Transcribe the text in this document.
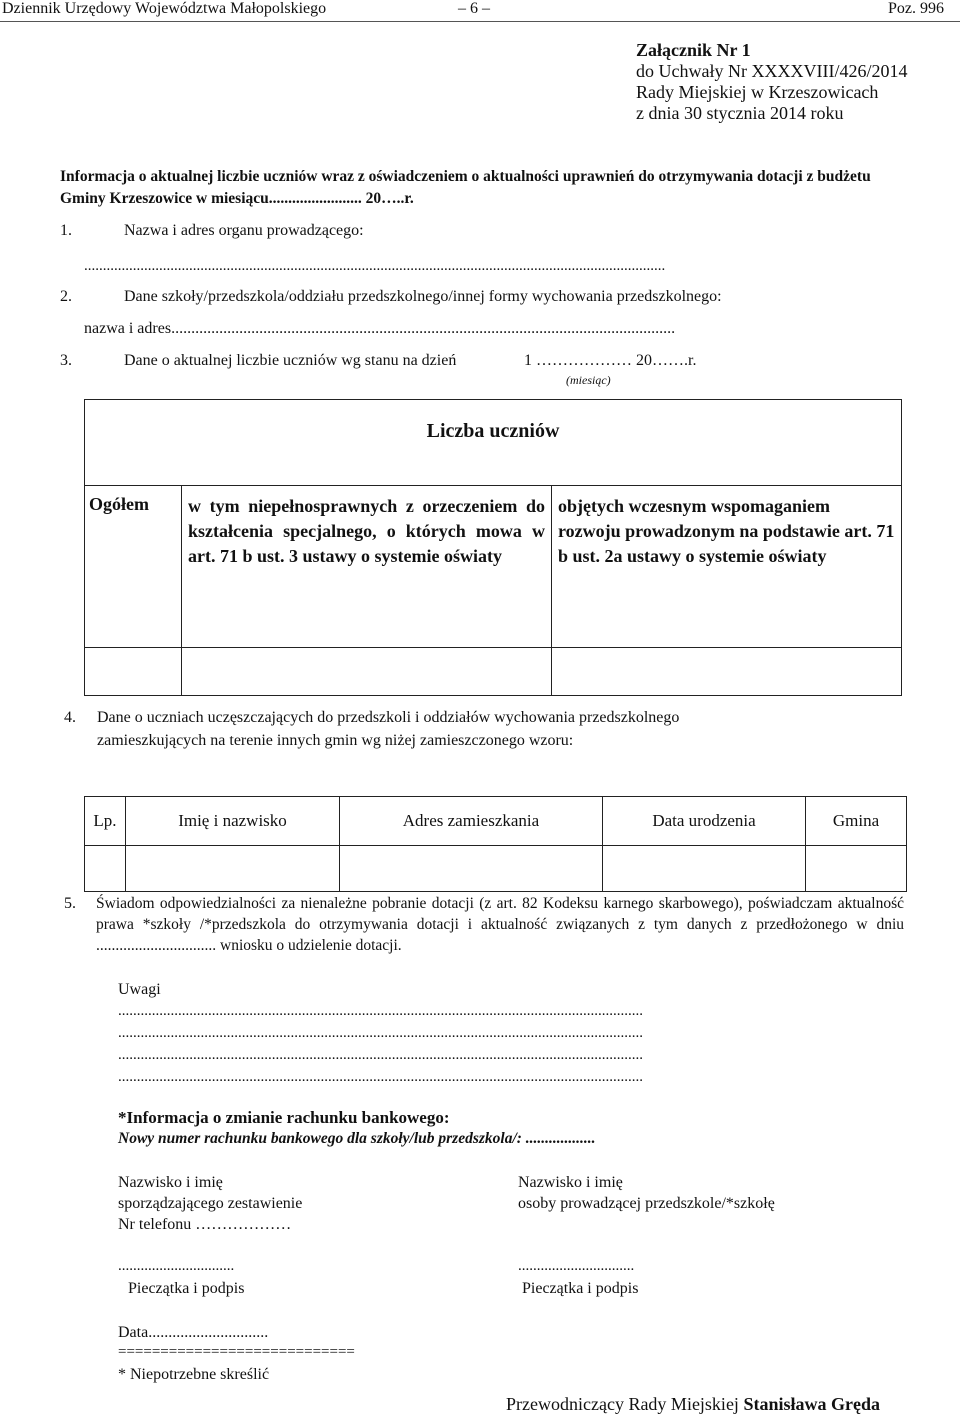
Dziennik Urzędowy Województwa Małopolskiego	– 6 –	Poz. 996
Załącznik Nr 1
do Uchwały Nr XXXXVIII/426/2014
Rady Miejskiej w Krzeszowicach
z dnia 30 stycznia 2014 roku
Informacja o aktualnej liczbie uczniów wraz z oświadczeniem o aktualności uprawnień do otrzymywania dotacji z budżetu Gminy Krzeszowice w miesiącu........................ 20…..r.
1.	Nazwa i adres organu prowadzącego:
...........................................................................................................................................................
2.	Dane szkoły/przedszkola/oddziału przedszkolnego/innej formy wychowania przedszkolnego:
nazwa i adres..............................................................................................................................
3.	Dane o aktualnej liczbie uczniów wg stanu na dzień	1 ……………… 20…….r.
(miesiąc)
Liczba uczniów		
Ogółem	w tym niepełnosprawnych z orzeczeniem do kształcenia specjalnego, o których mowa w art. 71 b ust. 3 ustawy o systemie oświaty	objętych wczesnym wspomaganiem rozwoju prowadzonym na podstawie art. 71 b ust. 2a ustawy o systemie oświaty

4. Dane o uczniach uczęszczających do przedszkoli i oddziałów wychowania przedszkolnego
zamieszkujących na terenie innych gmin wg niżej zamieszczonego wzoru:
Lp.	Imię i nazwisko	Adres zamieszkania	Data urodzenia	Gmina

5. Świadom odpowiedzialności za nienależne pobranie dotacji (z art. 82 Kodeksu karnego skarbowego), poświadczam aktualność prawa *szkoły /*przedszkola do otrzymywania dotacji i aktualność związanych z tym danych z przedłożonego w dniu ............................... wniosku o udzielenie dotacji.
Uwagi
............................................................................................................................................
............................................................................................................................................
............................................................................................................................................
............................................................................................................................................
*Informacja o zmianie rachunku bankowego:
Nowy numer rachunku bankowego dla szkoły/lub przedszkola/: ..................
Nazwisko i imię
sporządzającego zestawienie
Nr telefonu ………………
...............................
Pieczątka i podpis
Nazwisko i imię
osoby prowadzącej przedszkole/*szkołę
...............................
Pieczątka i podpis
Data..............................
============================
* Niepotrzebne skreślić
Przewodniczący Rady Miejskiej Stanisława Gręda
